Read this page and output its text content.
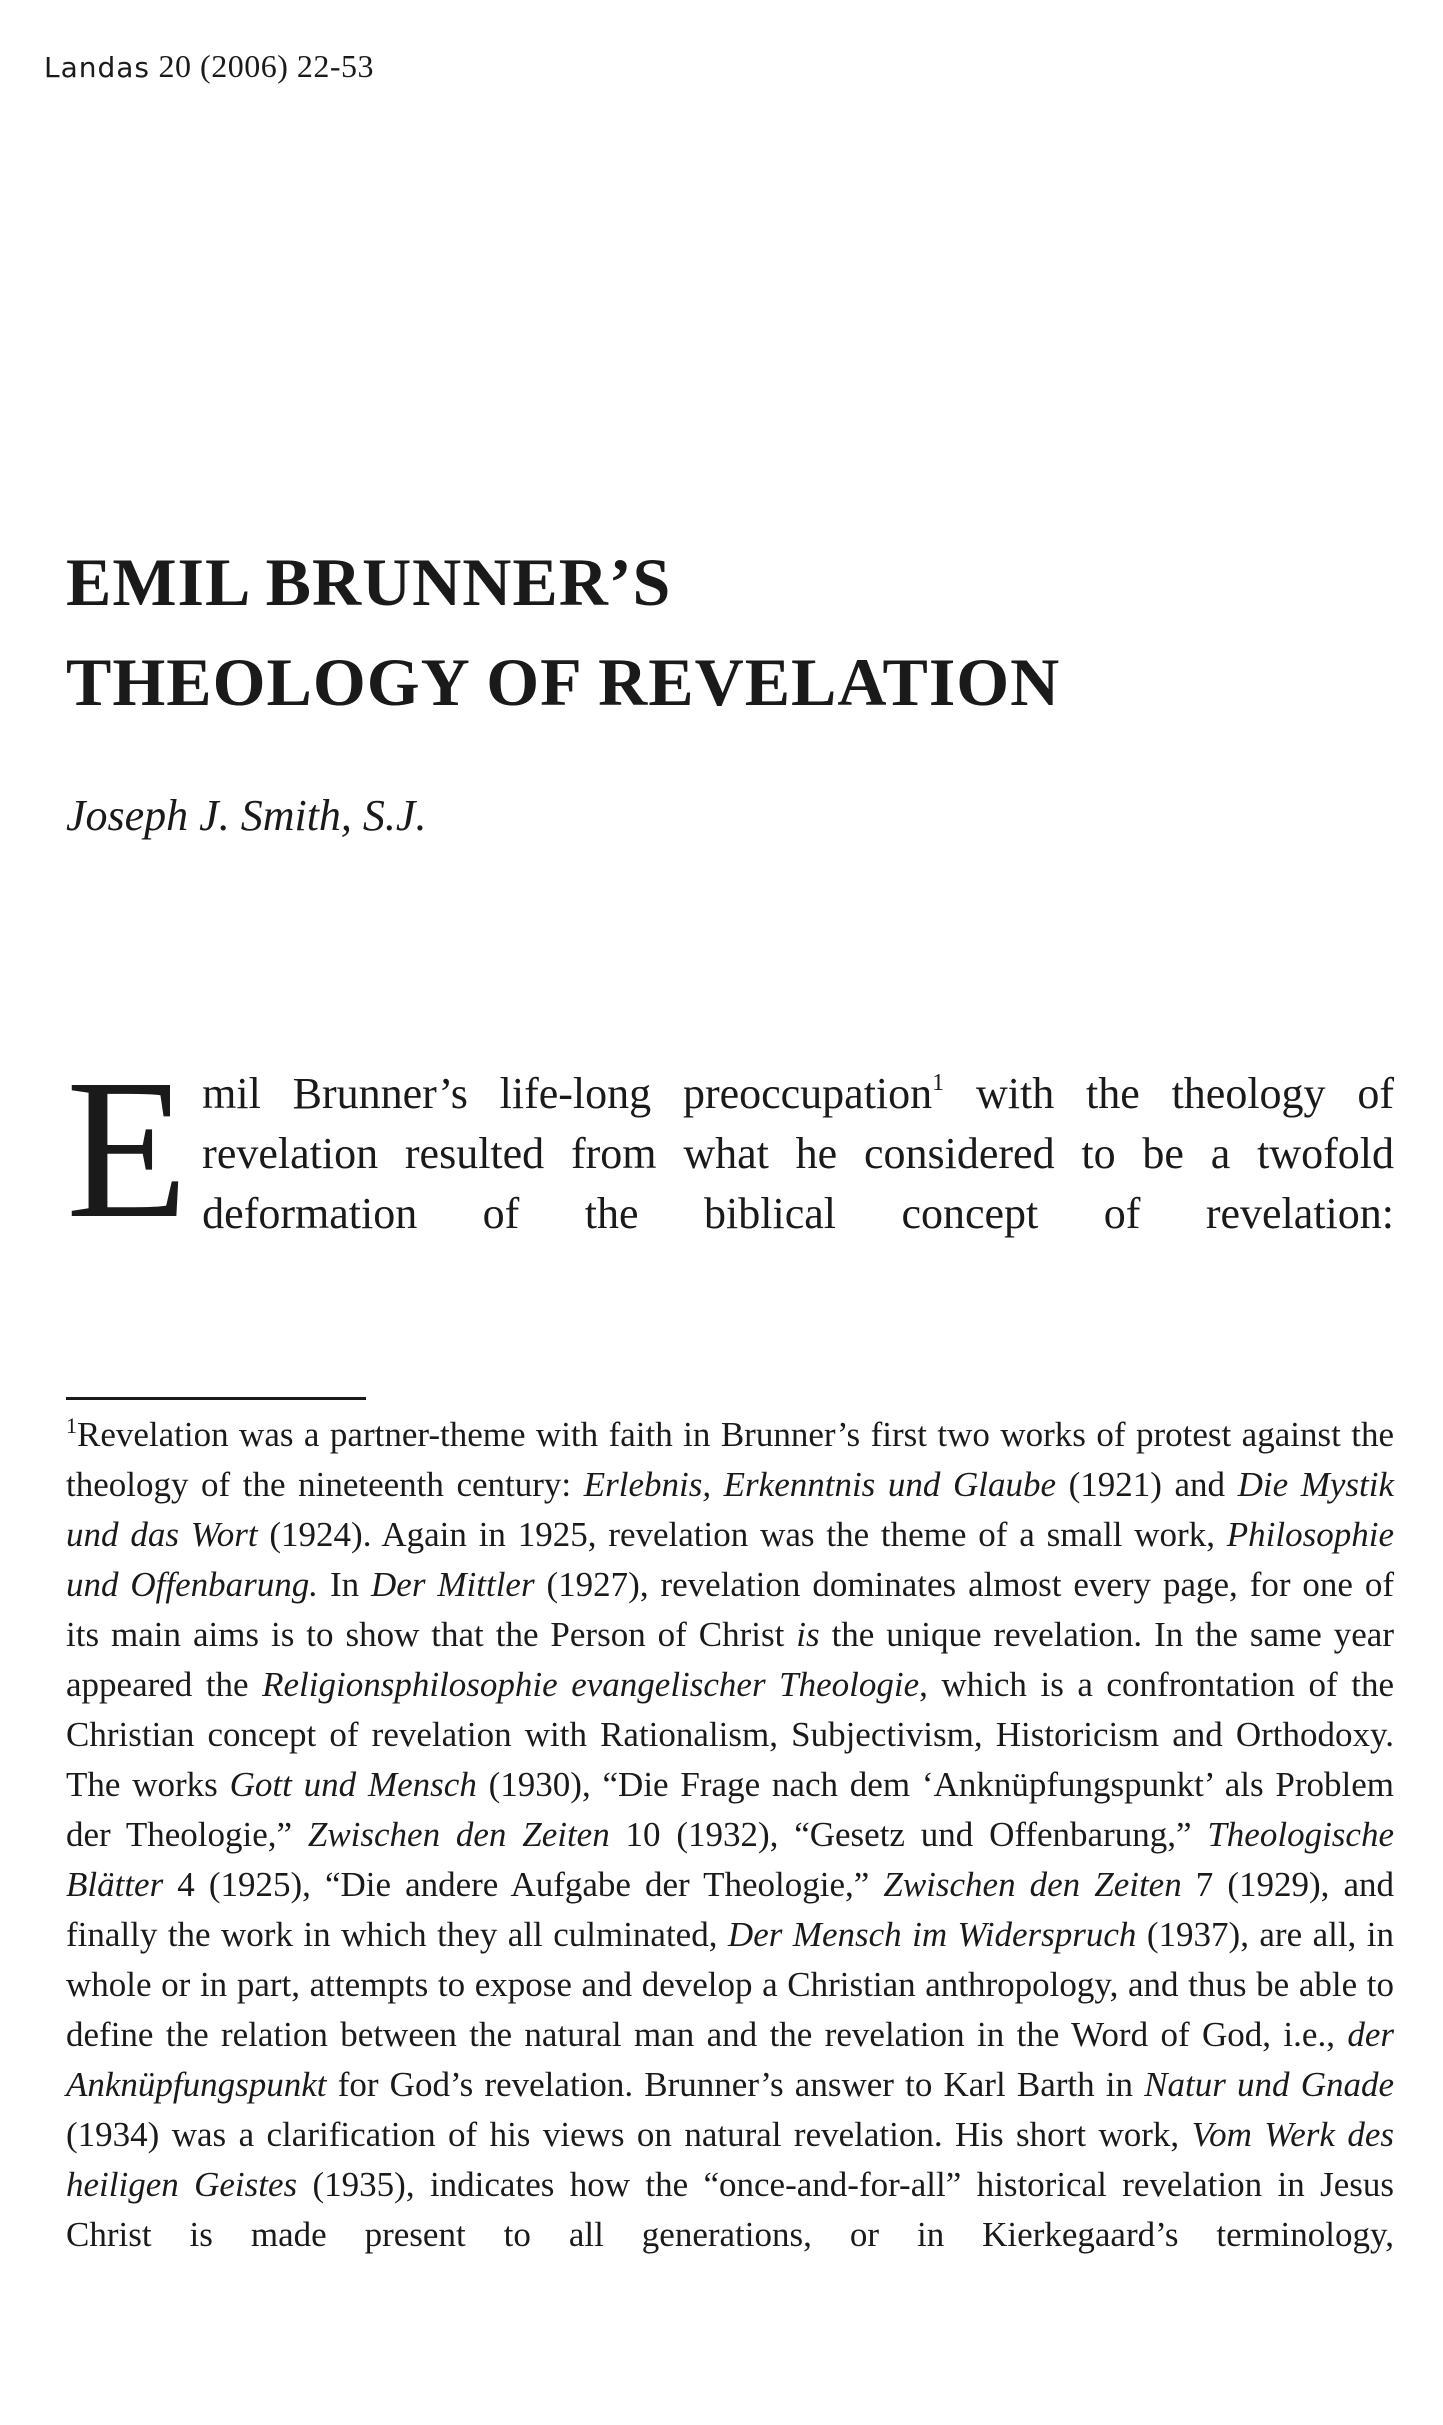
Landas 20 (2006) 22-53
EMIL BRUNNER’S
THEOLOGY OF REVELATION
Joseph J. Smith, S.J.

Emil Brunner’s life-long preoccupation$^1$ with the theology of revelation resulted from what he considered to be a twofold deformation of the biblical concept of revelation:

$^1$Revelation was a partner-theme with faith in Brunner’s first two works of protest against the theology of the nineteenth century: Erlebnis, Erkenntnis und Glaube (1921) and Die Mystik und das Wort (1924). Again in 1925, revelation was the theme of a small work, Philosophie und Offenbarung. In Der Mittler (1927), revelation dominates almost every page, for one of its main aims is to show that the Person of Christ is the unique revelation. In the same year appeared the Religionsphilosophie evangelischer Theologie, which is a confrontation of the Christian concept of revelation with Rationalism, Subjectivism, Historicism and Orthodoxy. The works Gott und Mensch (1930), “Die Frage nach dem ‘Anknüpfungspunkt’ als Problem der Theologie,” Zwischen den Zeiten 10 (1932), “Gesetz und Offenbarung,” Theologische Blätter 4 (1925), “Die andere Aufgabe der Theologie,” Zwischen den Zeiten 7 (1929), and finally the work in which they all culminated, Der Mensch im Widerspruch (1937), are all, in whole or in part, attempts to expose and develop a Christian anthropology, and thus be able to define the relation between the natural man and the revelation in the Word of God, i.e., der Anknüpfungspunkt for God’s revelation. Brunner’s answer to Karl Barth in Natur und Gnade (1934) was a clarification of his views on natural revelation. His short work, Vom Werk des heiligen Geistes (1935), indicates how the “once-and-for-all” historical revelation in Jesus Christ is made present to all generations, or in Kierkegaard’s terminology,
